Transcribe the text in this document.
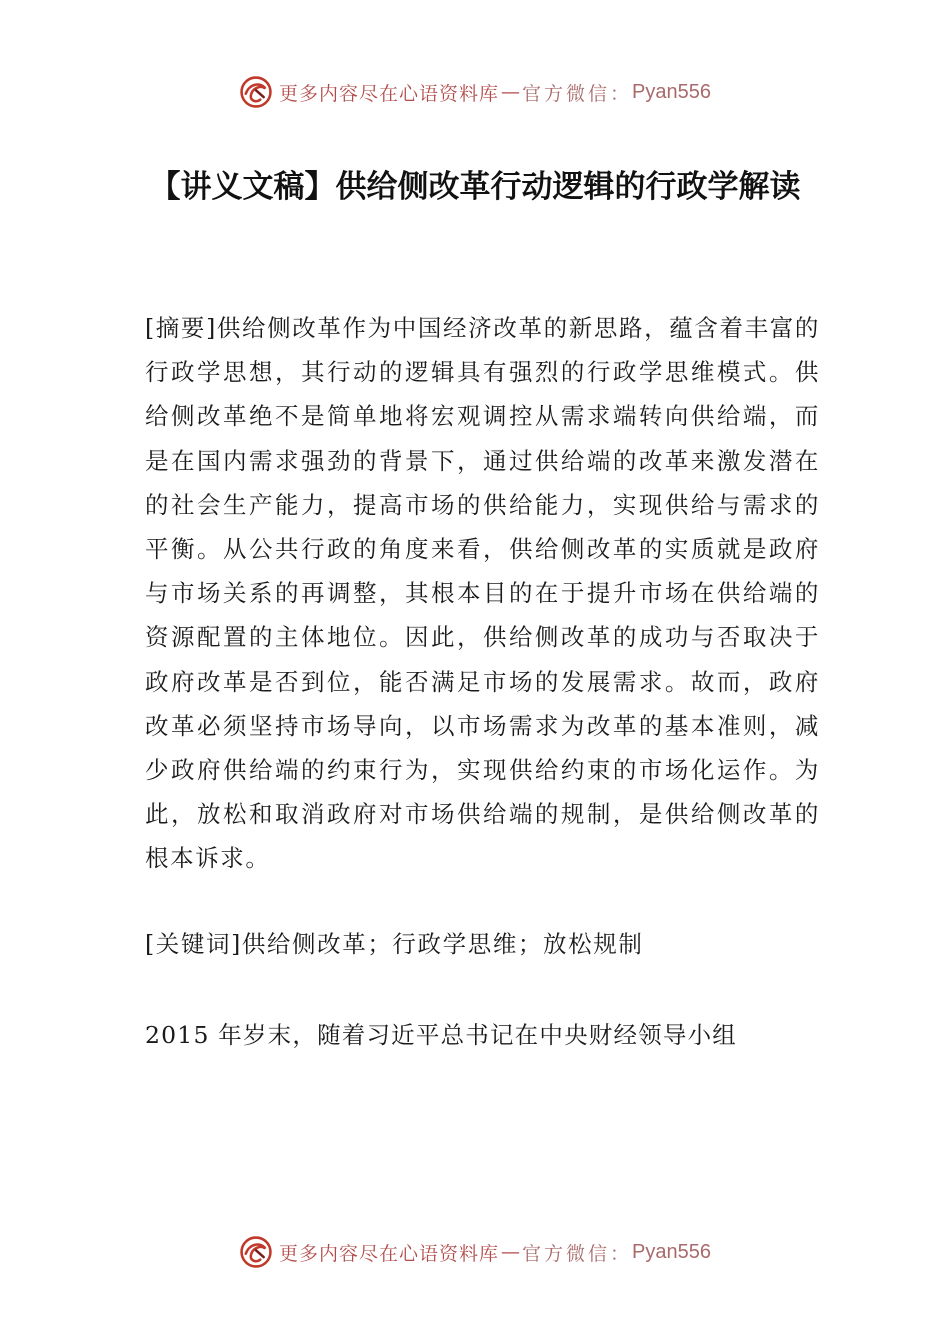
更多内容尽在心语资料库 — 官方微信： Pyan556
【讲义文稿】供给侧改革行动逻辑的行政学解读

[摘要]供给侧改革作为中国经济改革的新思路，蕴含着丰富的行政学思想，其行动的逻辑具有强烈的行政学思维模式。供给侧改革绝不是简单地将宏观调控从需求端转向供给端，而是在国内需求强劲的背景下，通过供给端的改革来激发潜在的社会生产能力，提高市场的供给能力，实现供给与需求的平衡。从公共行政的角度来看，供给侧改革的实质就是政府与市场关系的再调整，其根本目的在于提升市场在供给端的资源配置的主体地位。因此，供给侧改革的成功与否取决于政府改革是否到位，能否满足市场的发展需求。故而，政府改革必须坚持市场导向，以市场需求为改革的基本准则，减少政府供给端的约束行为，实现供给约束的市场化运作。为此，放松和取消政府对市场供给端的规制，是供给侧改革的根本诉求。

[关键词]供给侧改革；行政学思维；放松规制

2015 年岁末，随着习近平总书记在中央财经领导小组

更多内容尽在心语资料库 — 官方微信： Pyan556
